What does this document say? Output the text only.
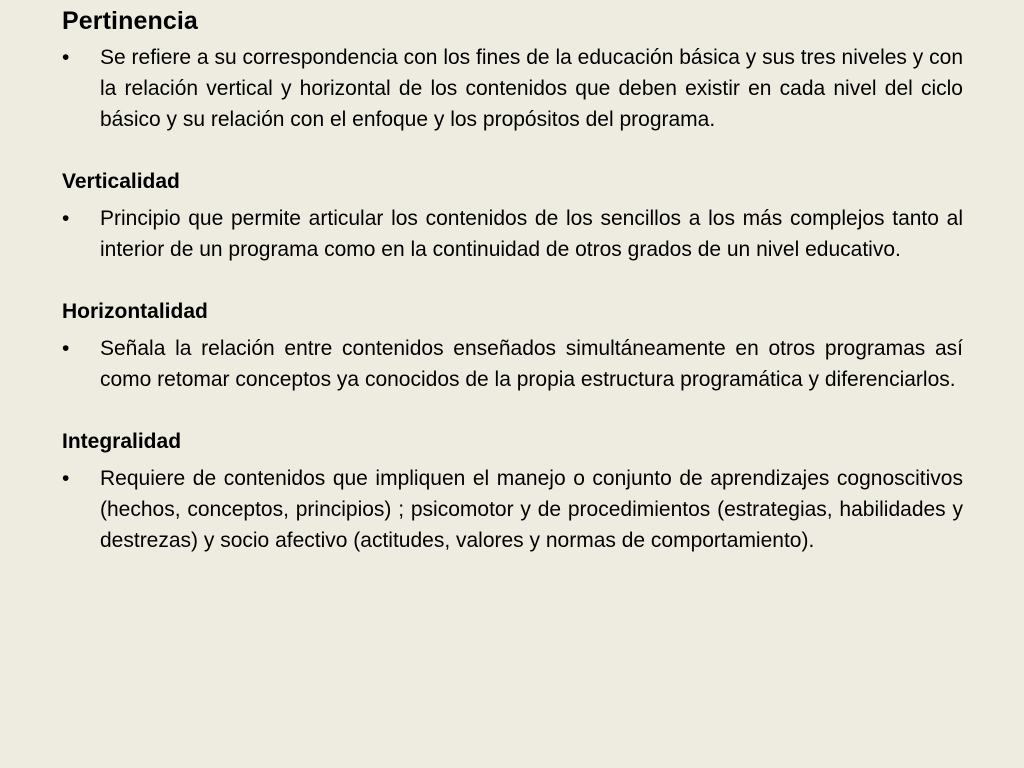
Pertinencia
•	Se refiere a su correspondencia con los fines de la educación básica y sus tres niveles y con la relación vertical y horizontal de los contenidos que deben existir en cada nivel del ciclo básico y su relación con el enfoque y los propósitos del programa.
Verticalidad
•	Principio que permite articular los contenidos de los sencillos a los más complejos tanto al interior de un programa como en la continuidad de otros grados de un nivel educativo.
Horizontalidad
•	Señala la relación entre contenidos enseñados simultáneamente en otros programas así como retomar conceptos ya conocidos de la propia estructura programática y diferenciarlos.
Integralidad
•	Requiere de contenidos que impliquen el manejo o conjunto de aprendizajes cognoscitivos (hechos, conceptos, principios) ; psicomotor y de procedimientos (estrategias, habilidades y destrezas) y socio afectivo (actitudes, valores y normas de comportamiento).
